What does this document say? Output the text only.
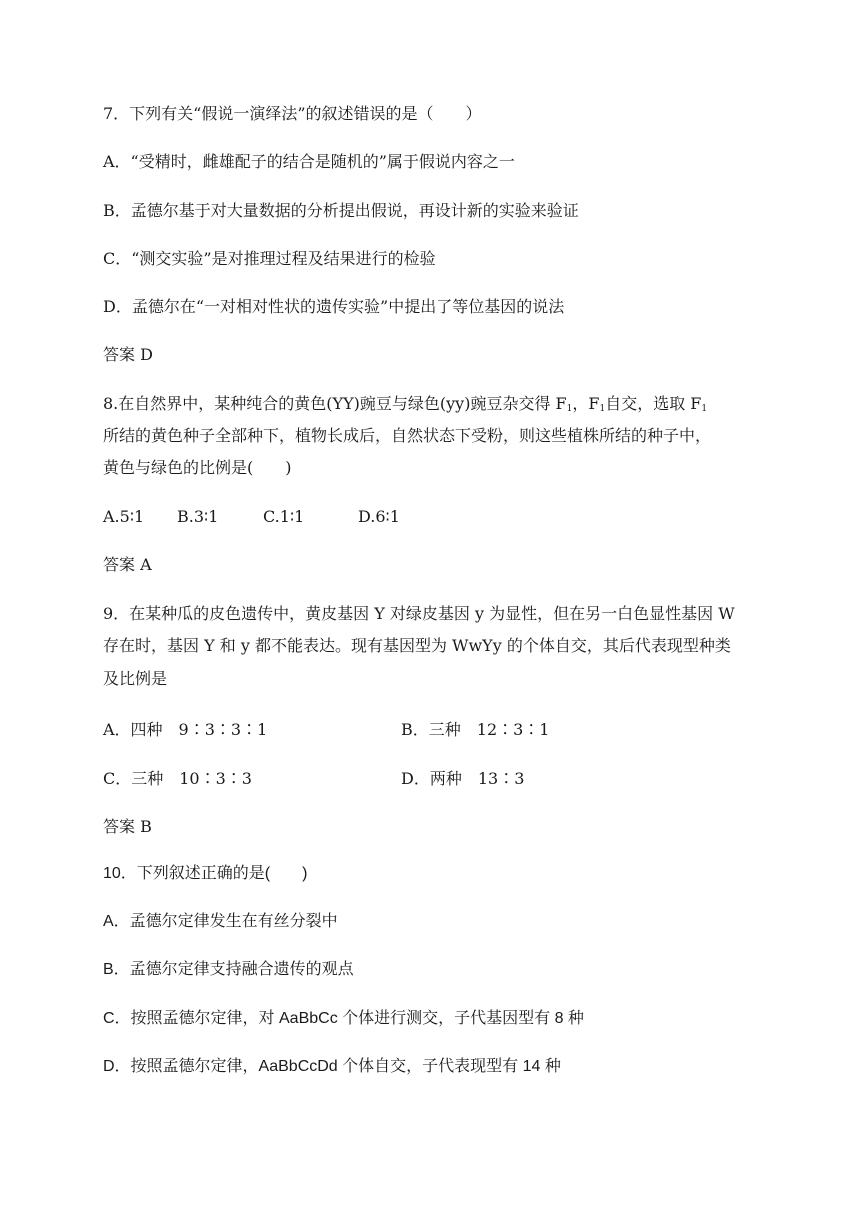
7．下列有关“假说一演绎法”的叙述错误的是（　　）
A．“受精时，雌雄配子的结合是随机的”属于假说内容之一
B．孟德尔基于对大量数据的分析提出假说，再设计新的实验来验证
C．“测交实验”是对推理过程及结果进行的检验
D．孟德尔在“一对相对性状的遗传实验”中提出了等位基因的说法
答案 D
8.在自然界中，某种纯合的黄色(YY)豌豆与绿色(yy)豌豆杂交得 $F_1$，$F_1$自交，选取 $F_1$
所结的黄色种子全部种下，植物长成后，自然状态下受粉，则这些植株所结的种子中，
黄色与绿色的比例是(　　)
A.5∶1 B.3∶1	C.1∶1	D.6∶1
答案 A
9．在某种瓜的皮色遗传中，黄皮基因 Y 对绿皮基因 y 为显性，但在另一白色显性基因 W
存在时，基因 Y 和 y 都不能表达。现有基因型为 WwYy 的个体自交，其后代表现型种类
及比例是
A．四种　9∶3∶3∶1	B．三种　12∶3∶1
C．三种　10∶3∶3	D．两种　13∶3
答案 B
10．下列叙述正确的是(　　)
A．孟德尔定律发生在有丝分裂中
B．孟德尔定律支持融合遗传的观点
C．按照孟德尔定律，对 AaBbCc 个体进行测交，子代基因型有 8 种
D．按照孟德尔定律，AaBbCcDd 个体自交，子代表现型有 14 种
